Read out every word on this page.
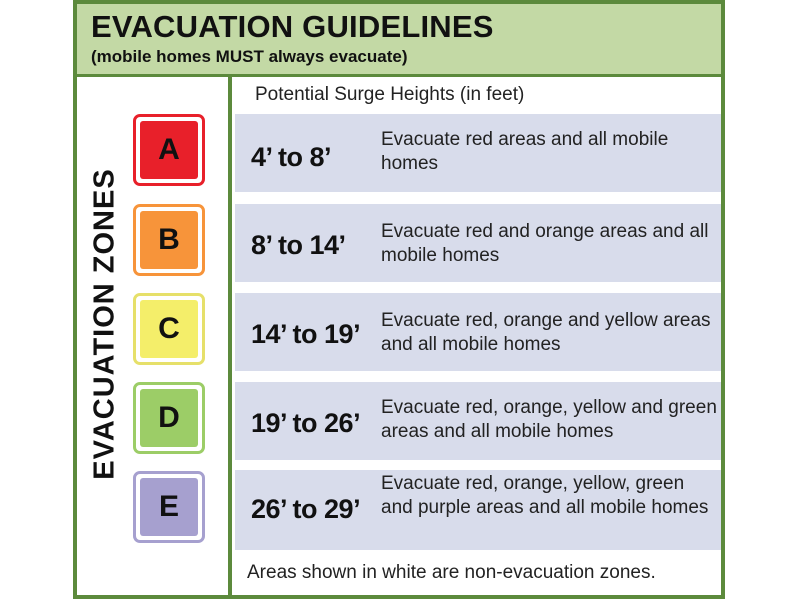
EVACUATION GUIDELINES
(mobile homes MUST always evacuate)
EVACUATION ZONES
A
B
C
D
E
Potential Surge Heights (in feet)
4’ to 8’
Evacuate red areas and all mobile homes
8’ to 14’ Evacuate red and orange areas and all mobile homes
14’ to 19’ Evacuate red, orange and yellow areas and all mobile homes
19’ to 26’
Evacuate red, orange, yellow and green areas and all mobile homes
26’ to 29’
Evacuate red, orange, yellow, green and purple areas and all mobile homes
Areas shown in white are non-evacuation zones.
